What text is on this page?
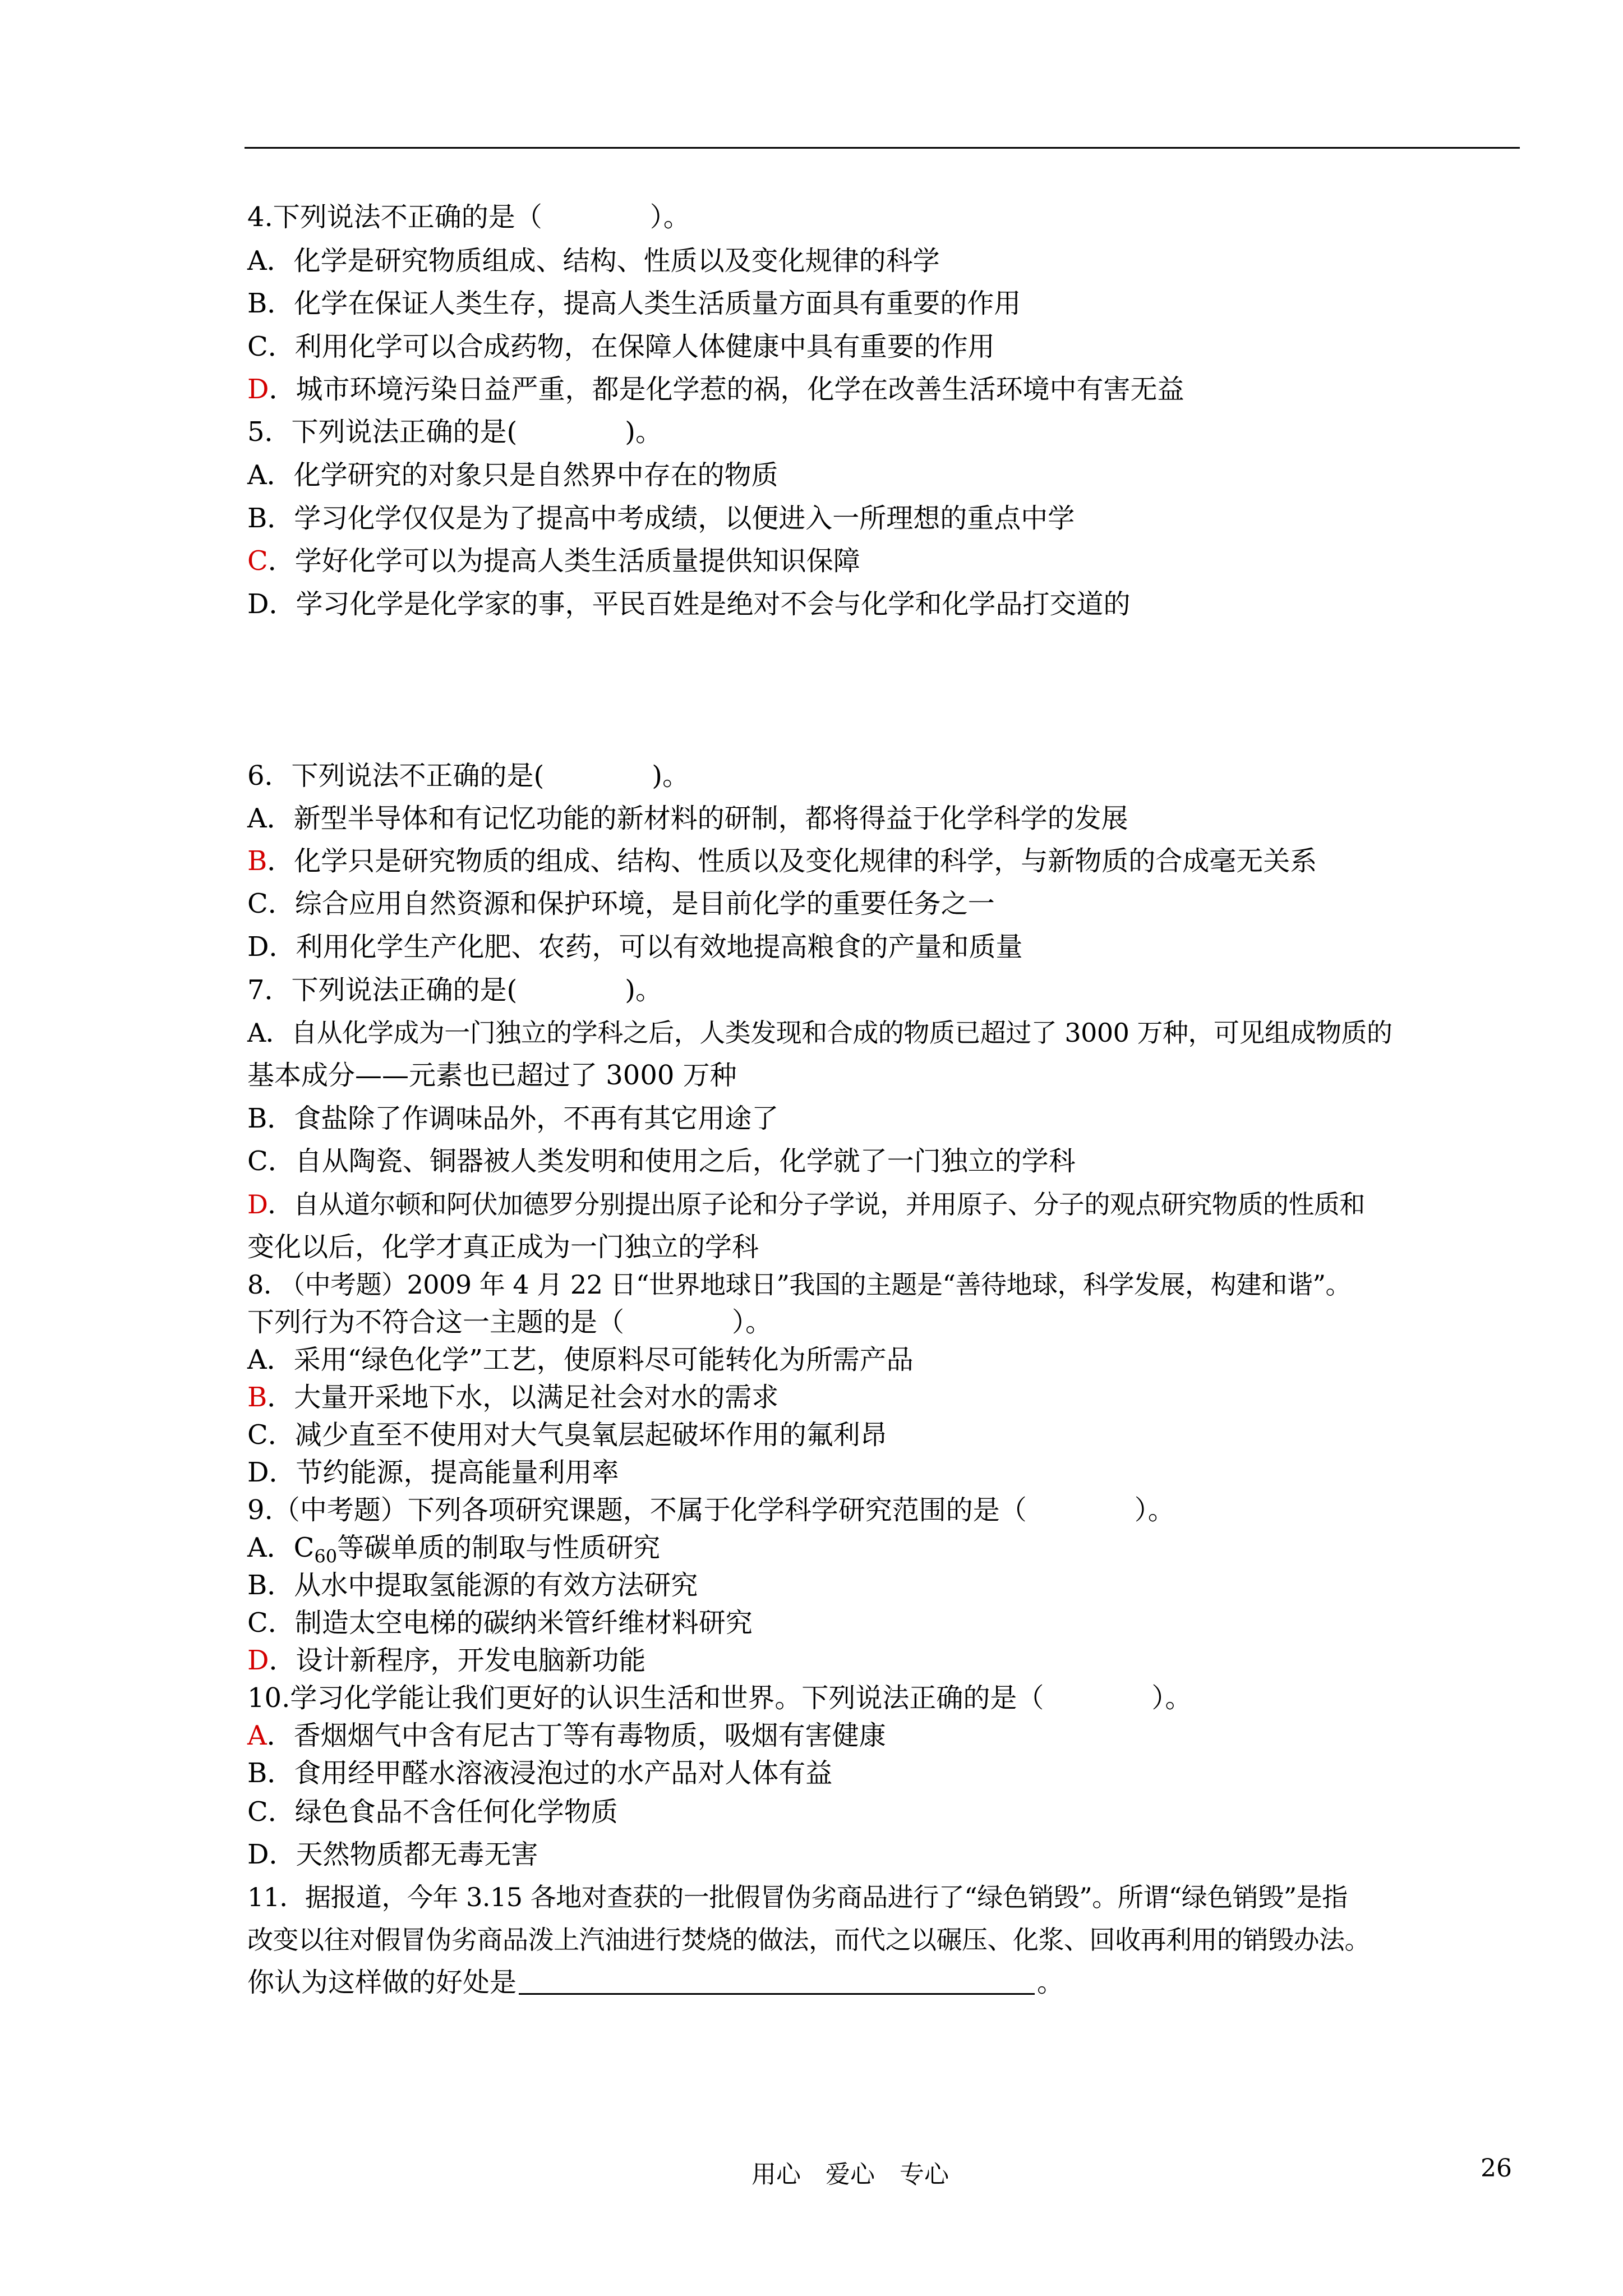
4.下列说法不正确的是（　　　　）。

A．化学是研究物质组成、结构、性质以及变化规律的科学

B．化学在保证人类生存，提高人类生活质量方面具有重要的作用

C．利用化学可以合成药物，在保障人体健康中具有重要的作用

D．城市环境污染日益严重，都是化学惹的祸，化学在改善生活环境中有害无益

5．下列说法正确的是(　　　　)。

A．化学研究的对象只是自然界中存在的物质

B．学习化学仅仅是为了提高中考成绩，以便进入一所理想的重点中学

C．学好化学可以为提高人类生活质量提供知识保障

D．学习化学是化学家的事，平民百姓是绝对不会与化学和化学品打交道的

6．下列说法不正确的是(　　　　)。

A．新型半导体和有记忆功能的新材料的研制，都将得益于化学科学的发展

B．化学只是研究物质的组成、结构、性质以及变化规律的科学，与新物质的合成毫无关系

C．综合应用自然资源和保护环境，是目前化学的重要任务之一

D．利用化学生产化肥、农药，可以有效地提高粮食的产量和质量

7．下列说法正确的是(　　　　)。

A．自从化学成为一门独立的学科之后，人类发现和合成的物质已超过了 3000 万种，可见组成物质的

基本成分——元素也已超过了 3000 万种

B．食盐除了作调味品外，不再有其它用途了

C．自从陶瓷、铜器被人类发明和使用之后，化学就了一门独立的学科

D．自从道尔顿和阿伏加德罗分别提出原子论和分子学说，并用原子、分子的观点研究物质的性质和

变化以后，化学才真正成为一门独立的学科

8. （中考题）2009 年 4 月 22 日“世界地球日”我国的主题是“善待地球，科学发展，构建和谐”。

下列行为不符合这一主题的是（　　　　）。

A．采用“绿色化学”工艺，使原料尽可能转化为所需产品

B．大量开采地下水，以满足社会对水的需求

C．减少直至不使用对大气臭氧层起破坏作用的氟利昂

D．节约能源，提高能量利用率

9.（中考题）下列各项研究课题，不属于化学科学研究范围的是（　　　　）。

A．$C_{60}$等碳单质的制取与性质研究

B．从水中提取氢能源的有效方法研究

C．制造太空电梯的碳纳米管纤维材料研究

D．设计新程序，开发电脑新功能

10.学习化学能让我们更好的认识生活和世界。下列说法正确的是（　　　　）。

A．香烟烟气中含有尼古丁等有毒物质，吸烟有害健康

B．食用经甲醛水溶液浸泡过的水产品对人体有益

C．绿色食品不含任何化学物质

D．天然物质都无毒无害

11．据报道，今年 3.15 各地对查获的一批假冒伪劣商品进行了“绿色销毁”。所谓“绿色销毁”是指

改变以往对假冒伪劣商品泼上汽油进行焚烧的做法，而代之以碾压、化浆、回收再利用的销毁办法。

你认为这样做的好处是	。

用心　爱心　专心	26
